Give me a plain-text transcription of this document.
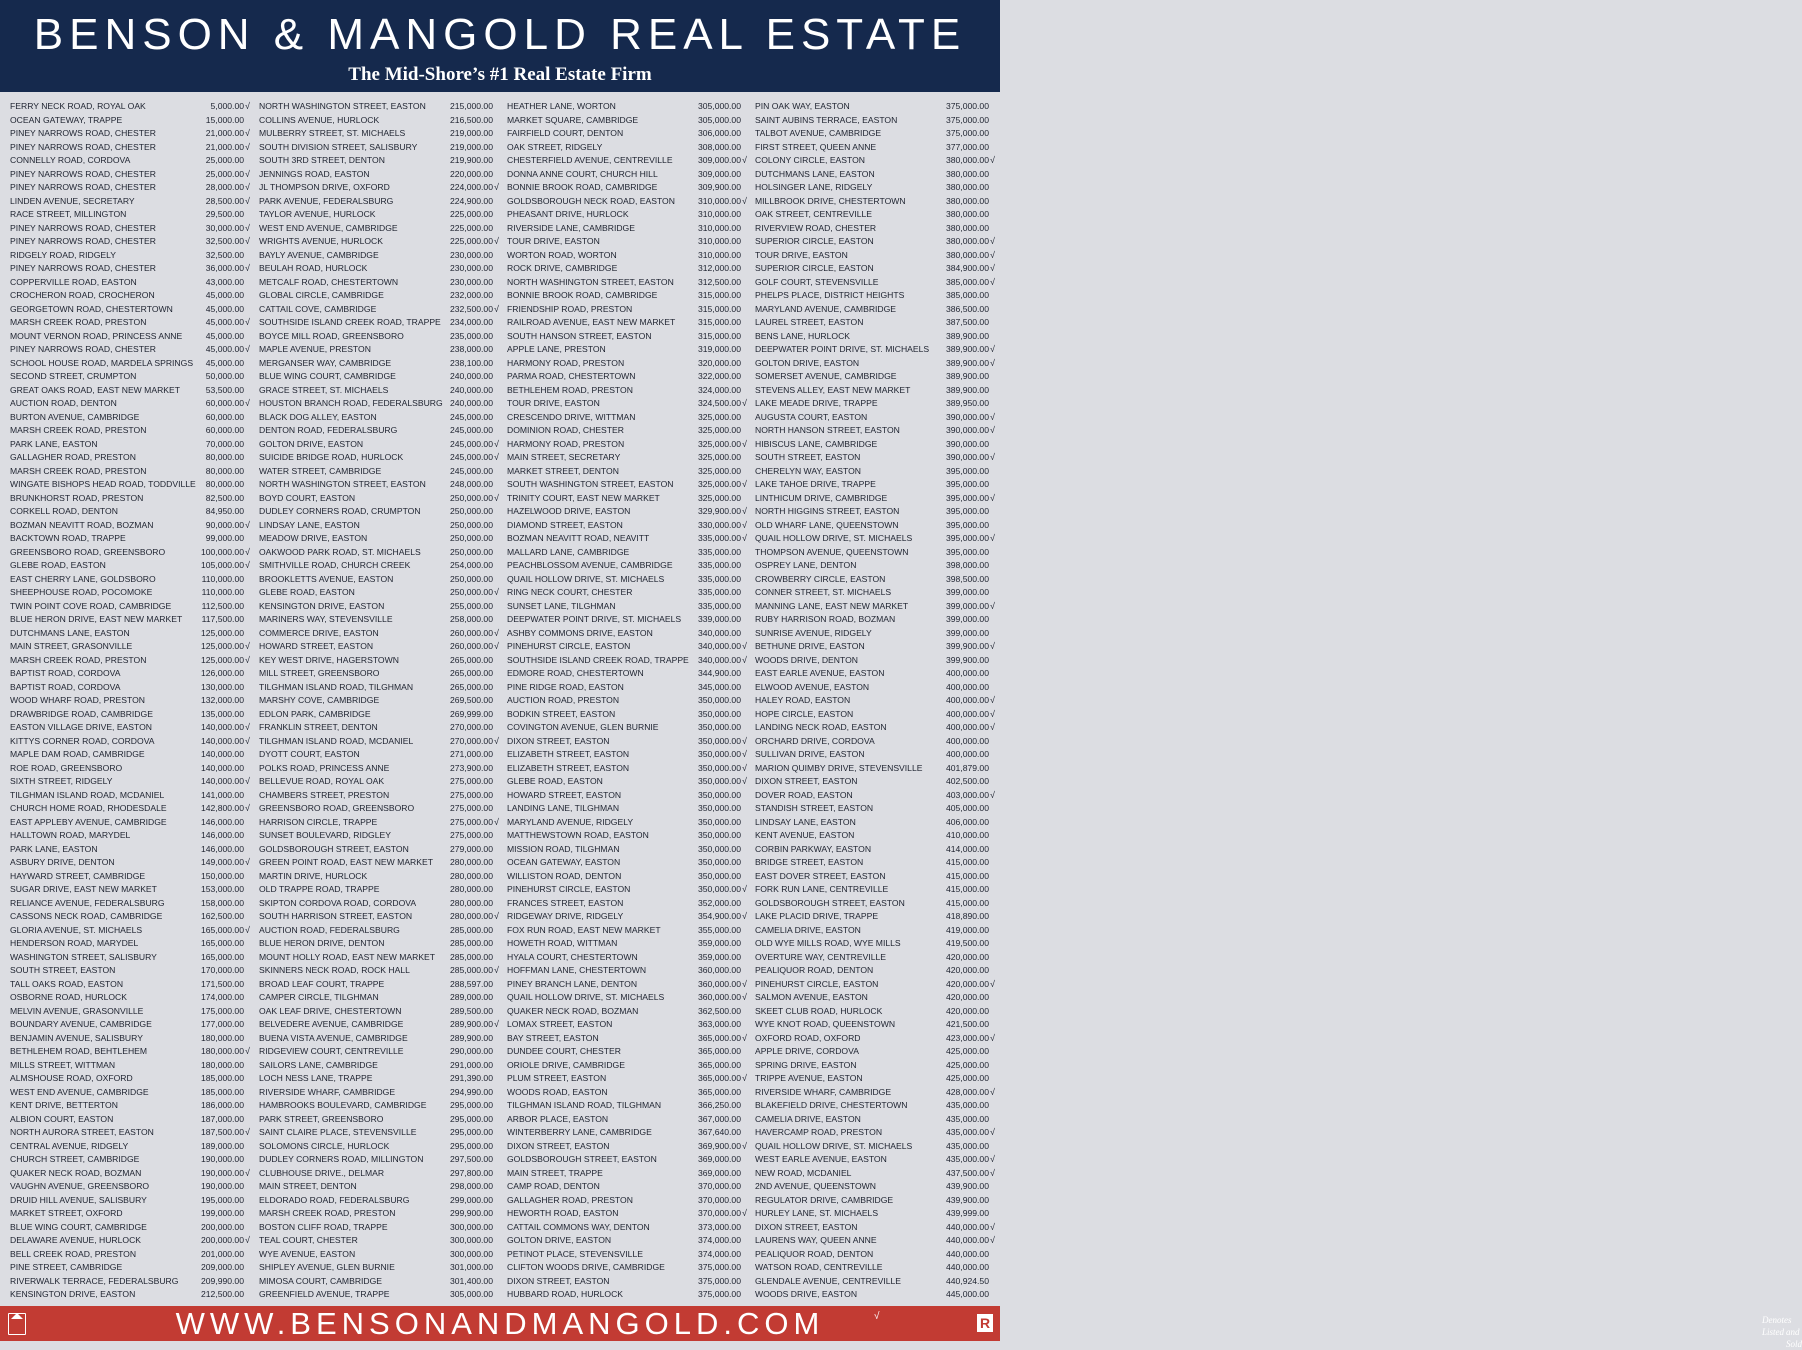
BENSON & MANGOLD REAL ESTATE
The Mid-Shore’s #1 Real Estate Firm
FERRY NECK ROAD, ROYAL OAK	5,000.00 √
OCEAN GATEWAY, TRAPPE	15,000.00
PINEY NARROWS ROAD, CHESTER	21,000.00 √
PINEY NARROWS ROAD, CHESTER	21,000.00 √
CONNELLY ROAD, CORDOVA	25,000.00
PINEY NARROWS ROAD, CHESTER	25,000.00 √
PINEY NARROWS ROAD, CHESTER	28,000.00 √
LINDEN AVENUE, SECRETARY	28,500.00 √
RACE STREET, MILLINGTON	29,500.00
PINEY NARROWS ROAD, CHESTER	30,000.00 √
PINEY NARROWS ROAD, CHESTER	32,500.00 √
RIDGELY ROAD, RIDGELY	32,500.00
PINEY NARROWS ROAD, CHESTER	36,000.00 √
COPPERVILLE ROAD, EASTON	43,000.00
CROCHERON ROAD, CROCHERON	45,000.00
GEORGETOWN ROAD, CHESTERTOWN	45,000.00
MARSH CREEK ROAD, PRESTON	45,000.00 √
MOUNT VERNON ROAD, PRINCESS ANNE	45,000.00
PINEY NARROWS ROAD, CHESTER	45,000.00 √
SCHOOL HOUSE ROAD, MARDELA SPRINGS 45,000.00
SECOND STREET, CRUMPTON	50,000.00
GREAT OAKS ROAD, EAST NEW MARKET	53,500.00
AUCTION ROAD, DENTON	60,000.00 √
BURTON AVENUE, CAMBRIDGE	60,000.00
MARSH CREEK ROAD, PRESTON	60,000.00
PARK LANE, EASTON	70,000.00
GALLAGHER ROAD, PRESTON	80,000.00
MARSH CREEK ROAD, PRESTON	80,000.00
WINGATE BISHOPS HEAD ROAD, TODDVILLE 80,000.00
BRUNKHORST ROAD, PRESTON	82,500.00
CORKELL ROAD, DENTON	84,950.00
BOZMAN NEAVITT ROAD, BOZMAN	90,000.00 √
BACKTOWN ROAD, TRAPPE	99,000.00
GREENSBORO ROAD, GREENSBORO	100,000.00 √
GLEBE ROAD, EASTON	105,000.00 √
EAST CHERRY LANE, GOLDSBORO	110,000.00
SHEEPHOUSE ROAD, POCOMOKE	110,000.00
TWIN POINT COVE ROAD, CAMBRIDGE	112,500.00
BLUE HERON DRIVE, EAST NEW MARKET 117,500.00
DUTCHMANS LANE, EASTON	125,000.00
MAIN STREET, GRASONVILLE	125,000.00 √
MARSH CREEK ROAD, PRESTON	125,000.00 √
BAPTIST ROAD, CORDOVA	126,000.00
BAPTIST ROAD, CORDOVA	130,000.00
WOOD WHARF ROAD, PRESTON	132,000.00
DRAWBRIDGE ROAD, CAMBRIDGE	135,000.00
EASTON VILLAGE DRIVE, EASTON	140,000.00 √
KITTYS CORNER ROAD, CORDOVA	140,000.00 √
MAPLE DAM ROAD, CAMBRIDGE	140,000.00
ROE ROAD, GREENSBORO	140,000.00
SIXTH STREET, RIDGELY	140,000.00 √
TILGHMAN ISLAND ROAD, MCDANIEL	141,000.00
CHURCH HOME ROAD, RHODESDALE	142,800.00 √
EAST APPLEBY AVENUE, CAMBRIDGE	146,000.00
HALLTOWN ROAD, MARYDEL	146,000.00
PARK LANE, EASTON	146,000.00
ASBURY DRIVE, DENTON	149,000.00 √
HAYWARD STREET, CAMBRIDGE	150,000.00
SUGAR DRIVE, EAST NEW MARKET	153,000.00
RELIANCE AVENUE, FEDERALSBURG	158,000.00
CASSONS NECK ROAD, CAMBRIDGE	162,500.00
GLORIA AVENUE, ST. MICHAELS	165,000.00 √
HENDERSON ROAD, MARYDEL	165,000.00
WASHINGTON STREET, SALISBURY	165,000.00
SOUTH STREET, EASTON	170,000.00
TALL OAKS ROAD, EASTON	171,500.00
OSBORNE ROAD, HURLOCK	174,000.00
MELVIN AVENUE, GRASONVILLE	175,000.00
BOUNDARY AVENUE, CAMBRIDGE	177,000.00
BENJAMIN AVENUE, SALISBURY	180,000.00
BETHLEHEM ROAD, BEHTLEHEM	180,000.00 √
MILLS STREET, WITTMAN	180,000.00
ALMSHOUSE ROAD, OXFORD	185,000.00
WEST END AVENUE, CAMBRIDGE	185,000.00
KENT DRIVE, BETTERTON	186,000.00
ALBION COURT, EASTON	187,000.00
NORTH AURORA STREET, EASTON	187,500.00 √
CENTRAL AVENUE, RIDGELY	189,000.00
CHURCH STREET, CAMBRIDGE	190,000.00
QUAKER NECK ROAD, BOZMAN	190,000.00 √
VAUGHN AVENUE, GREENSBORO	190,000.00
DRUID HILL AVENUE, SALISBURY	195,000.00
MARKET STREET, OXFORD	199,000.00
BLUE WING COURT, CAMBRIDGE	200,000.00
DELAWARE AVENUE, HURLOCK	200,000.00 √
BELL CREEK ROAD, PRESTON	201,000.00
PINE STREET, CAMBRIDGE	209,000.00
RIVERWALK TERRACE, FEDERALSBURG	209,990.00
KENSINGTON DRIVE, EASTON	212,500.00
NORTH WASHINGTON STREET, EASTON	215,000.00
COLLINS AVENUE, HURLOCK	216,500.00
MULBERRY STREET, ST. MICHAELS	219,000.00
SOUTH DIVISION STREET, SALISBURY	219,000.00
SOUTH 3RD STREET, DENTON	219,900.00
JENNINGS ROAD, EASTON	220,000.00
JL THOMPSON DRIVE, OXFORD	224,000.00 √
PARK AVENUE, FEDERALSBURG	224,900.00
TAYLOR AVENUE, HURLOCK	225,000.00
WEST END AVENUE, CAMBRIDGE	225,000.00
WRIGHTS AVENUE, HURLOCK	225,000.00 √
BAYLY AVENUE, CAMBRIDGE	230,000.00
BEULAH ROAD, HURLOCK	230,000.00
METCALF ROAD, CHESTERTOWN	230,000.00
GLOBAL CIRCLE, CAMBRIDGE	232,000.00
CATTAIL COVE, CAMBRIDGE	232,500.00 √
SOUTHSIDE ISLAND CREEK ROAD, TRAPPE 234,000.00
BOYCE MILL ROAD, GREENSBORO	235,000.00
MAPLE AVENUE, PRESTON	238,000.00
MERGANSER WAY, CAMBRIDGE	238,100.00
BLUE WING COURT, CAMBRIDGE	240,000.00
GRACE STREET, ST. MICHAELS	240,000.00
HOUSTON BRANCH ROAD, FEDERALSBURG 240,000.00
BLACK DOG ALLEY, EASTON	245,000.00
DENTON ROAD, FEDERALSBURG	245,000.00
GOLTON DRIVE, EASTON	245,000.00 √
SUICIDE BRIDGE ROAD, HURLOCK	245,000.00 √
WATER STREET, CAMBRIDGE	245,000.00
NORTH WASHINGTON STREET, EASTON	248,000.00
BOYD COURT, EASTON	250,000.00 √
DUDLEY CORNERS ROAD, CRUMPTON	250,000.00
LINDSAY LANE, EASTON	250,000.00
MEADOW DRIVE, EASTON	250,000.00
OAKWOOD PARK ROAD, ST. MICHAELS	250,000.00
SMITHVILLE ROAD, CHURCH CREEK	254,000.00
BROOKLETTS AVENUE, EASTON	250,000.00
GLEBE ROAD, EASTON	250,000.00 √
KENSINGTON DRIVE, EASTON	255,000.00
MARINERS WAY, STEVENSVILLE	258,000.00
COMMERCE DRIVE, EASTON	260,000.00 √
HOWARD STREET, EASTON	260,000.00 √
KEY WEST DRIVE, HAGERSTOWN	265,000.00
MILL STREET, GREENSBORO	265,000.00
TILGHMAN ISLAND ROAD, TILGHMAN	265,000.00
MARSHY COVE, CAMBRIDGE	269,500.00
EDLON PARK, CAMBRIDGE	269,999.00
FRANKLIN STREET, DENTON	270,000.00
TILGHMAN ISLAND ROAD, MCDANIEL	270,000.00 √
DYOTT COURT, EASTON	271,000.00
POLKS ROAD, PRINCESS ANNE	273,900.00
BELLEVUE ROAD, ROYAL OAK	275,000.00
CHAMBERS STREET, PRESTON	275,000.00
GREENSBORO ROAD, GREENSBORO	275,000.00
HARRISON CIRCLE, TRAPPE	275,000.00 √
SUNSET BOULEVARD, RIDGLEY	275,000.00
GOLDSBOROUGH STREET, EASTON	279,000.00
GREEN POINT ROAD, EAST NEW MARKET 280,000.00
MARTIN DRIVE, HURLOCK	280,000.00
OLD TRAPPE ROAD, TRAPPE	280,000.00
SKIPTON CORDOVA ROAD, CORDOVA	280,000.00
SOUTH HARRISON STREET, EASTON	280,000.00 √
AUCTION ROAD, FEDERALSBURG	285,000.00
BLUE HERON DRIVE, DENTON	285,000.00
MOUNT HOLLY ROAD, EAST NEW MARKET 285,000.00
SKINNERS NECK ROAD, ROCK HALL	285,000.00 √
BROAD LEAF COURT, TRAPPE	288,597.00
CAMPER CIRCLE, TILGHMAN	289,000.00
OAK LEAF DRIVE, CHESTERTOWN	289,500.00
BELVEDERE AVENUE, CAMBRIDGE	289,900.00 √
BUENA VISTA AVENUE, CAMBRIDGE	289,900.00
RIDGEVIEW COURT, CENTREVILLE	290,000.00
SAILORS LANE, CAMBRIDGE	291,000.00
LOCH NESS LANE, TRAPPE	291,390.00
RIVERSIDE WHARF, CAMBRIDGE	294,990.00
HAMBROOKS BOULEVARD, CAMBRIDGE	295,000.00
PARK STREET, GREENSBORO	295,000.00
SAINT CLAIRE PLACE, STEVENSVILLE	295,000.00
SOLOMONS CIRCLE, HURLOCK	295,000.00
DUDLEY CORNERS ROAD, MILLINGTON	297,500.00
CLUBHOUSE DRIVE., DELMAR	297,800.00
MAIN STREET, DENTON	298,000.00
ELDORADO ROAD, FEDERALSBURG	299,000.00
MARSH CREEK ROAD, PRESTON	299,900.00
BOSTON CLIFF ROAD, TRAPPE	300,000.00
TEAL COURT, CHESTER	300,000.00
WYE AVENUE, EASTON	300,000.00
SHIPLEY AVENUE, GLEN BURNIE	301,000.00
MIMOSA COURT, CAMBRIDGE	301,400.00
GREENFIELD AVENUE, TRAPPE	305,000.00
HEATHER LANE, WORTON	305,000.00
MARKET SQUARE, CAMBRIDGE	305,000.00
FAIRFIELD COURT, DENTON	306,000.00
OAK STREET, RIDGELY	308,000.00
CHESTERFIELD AVENUE, CENTREVILLE	309,000.00 √
DONNA ANNE COURT, CHURCH HILL	309,000.00
BONNIE BROOK ROAD, CAMBRIDGE	309,900.00
GOLDSBOROUGH NECK ROAD, EASTON	310,000.00 √
PHEASANT DRIVE, HURLOCK	310,000.00
RIVERSIDE LANE, CAMBRIDGE	310,000.00
TOUR DRIVE, EASTON	310,000.00
WORTON ROAD, WORTON	310,000.00
ROCK DRIVE, CAMBRIDGE	312,000.00
NORTH WASHINGTON STREET, EASTON	312,500.00
BONNIE BROOK ROAD, CAMBRIDGE	315,000.00
FRIENDSHIP ROAD, PRESTON	315,000.00
RAILROAD AVENUE, EAST NEW MARKET	315,000.00
SOUTH HANSON STREET, EASTON	315,000.00
APPLE LANE, PRESTON	319,000.00
HARMONY ROAD, PRESTON	320,000.00
PARMA ROAD, CHESTERTOWN	322,000.00
BETHLEHEM ROAD, PRESTON	324,000.00
TOUR DRIVE, EASTON	324,500.00 √
CRESCENDO DRIVE, WITTMAN	325,000.00
DOMINION ROAD, CHESTER	325,000.00
HARMONY ROAD, PRESTON	325,000.00 √
MAIN STREET, SECRETARY	325,000.00
MARKET STREET, DENTON	325,000.00
SOUTH WASHINGTON STREET, EASTON	325,000.00 √
TRINITY COURT, EAST NEW MARKET	325,000.00
HAZELWOOD DRIVE, EASTON	329,900.00 √
DIAMOND STREET, EASTON	330,000.00 √
BOZMAN NEAVITT ROAD, NEAVITT	335,000.00 √
MALLARD LANE, CAMBRIDGE	335,000.00
PEACHBLOSSOM AVENUE, CAMBRIDGE	335,000.00
QUAIL HOLLOW DRIVE, ST. MICHAELS	335,000.00
RING NECK COURT, CHESTER	335,000.00
SUNSET LANE, TILGHMAN	335,000.00
DEEPWATER POINT DRIVE, ST. MICHAELS 339,000.00
ASHBY COMMONS DRIVE, EASTON	340,000.00
PINEHURST CIRCLE, EASTON	340,000.00 √
SOUTHSIDE ISLAND CREEK ROAD, TRAPPE 340,000.00 √
EDMORE ROAD, CHESTERTOWN	344,900.00
PINE RIDGE ROAD, EASTON	345,000.00
AUCTION ROAD, PRESTON	350,000.00
BODKIN STREET, EASTON	350,000.00
COVINGTON AVENUE, GLEN BURNIE	350,000.00
DIXON STREET, EASTON	350,000.00 √
ELIZABETH STREET, EASTON	350,000.00 √
ELIZABETH STREET, EASTON	350,000.00 √
GLEBE ROAD, EASTON	350,000.00 √
HOWARD STREET, EASTON	350,000.00
LANDING LANE, TILGHMAN	350,000.00
MARYLAND AVENUE, RIDGELY	350,000.00
MATTHEWSTOWN ROAD, EASTON	350,000.00
MISSION ROAD, TILGHMAN	350,000.00
OCEAN GATEWAY, EASTON	350,000.00
WILLISTON ROAD, DENTON	350,000.00
PINEHURST CIRCLE, EASTON	350,000.00 √
FRANCES STREET, EASTON	352,000.00
RIDGEWAY DRIVE, RIDGELY	354,900.00 √
FOX RUN ROAD, EAST NEW MARKET	355,000.00
HOWETH ROAD, WITTMAN	359,000.00
HYALA COURT, CHESTERTOWN	359,000.00
HOFFMAN LANE, CHESTERTOWN	360,000.00
PINEY BRANCH LANE, DENTON	360,000.00 √
QUAIL HOLLOW DRIVE, ST. MICHAELS	360,000.00 √
QUAKER NECK ROAD, BOZMAN	362,500.00
LOMAX STREET, EASTON	363,000.00
BAY STREET, EASTON	365,000.00 √
DUNDEE COURT, CHESTER	365,000.00
ORIOLE DRIVE, CAMBRIDGE	365,000.00
PLUM STREET, EASTON	365,000.00 √
WOODS ROAD, EASTON	365,000.00
TILGHMAN ISLAND ROAD, TILGHMAN	366,250.00
ARBOR PLACE, EASTON	367,000.00
WINTERBERRY LANE, CAMBRIDGE	367,640.00
DIXON STREET, EASTON	369,900.00 √
GOLDSBOROUGH STREET, EASTON	369,000.00
MAIN STREET, TRAPPE	369,000.00
CAMP ROAD, DENTON	370,000.00
GALLAGHER ROAD, PRESTON	370,000.00
HEWORTH ROAD, EASTON	370,000.00 √
CATTAIL COMMONS WAY, DENTON	373,000.00
GOLTON DRIVE, EASTON	374,000.00
PETINOT PLACE, STEVENSVILLE	374,000.00
CLIFTON WOODS DRIVE, CAMBRIDGE	375,000.00
DIXON STREET, EASTON	375,000.00
HUBBARD ROAD, HURLOCK	375,000.00
PIN OAK WAY, EASTON	375,000.00
SAINT AUBINS TERRACE, EASTON	375,000.00
TALBOT AVENUE, CAMBRIDGE	375,000.00
FIRST STREET, QUEEN ANNE	377,000.00
COLONY CIRCLE, EASTON	380,000.00 √
DUTCHMANS LANE, EASTON	380,000.00
HOLSINGER LANE, RIDGELY	380,000.00
MILLBROOK DRIVE, CHESTERTOWN	380,000.00
OAK STREET, CENTREVILLE	380,000.00
RIVERVIEW ROAD, CHESTER	380,000.00
SUPERIOR CIRCLE, EASTON	380,000.00 √
TOUR DRIVE, EASTON	380,000.00 √
SUPERIOR CIRCLE, EASTON	384,900.00 √
GOLF COURT, STEVENSVILLE	385,000.00 √
PHELPS PLACE, DISTRICT HEIGHTS	385,000.00
MARYLAND AVENUE, CAMBRIDGE	386,500.00
LAUREL STREET, EASTON	387,500.00
BENS LANE, HURLOCK	389,900.00
DEEPWATER POINT DRIVE, ST. MICHAELS 389,900.00 √
GOLTON DRIVE, EASTON	389,900.00 √
SOMERSET AVENUE, CAMBRIDGE	389,900.00
STEVENS ALLEY, EAST NEW MARKET	389,900.00
LAKE MEADE DRIVE, TRAPPE	389,950.00
AUGUSTA COURT, EASTON	390,000.00 √
NORTH HANSON STREET, EASTON	390,000.00 √
HIBISCUS LANE, CAMBRIDGE	390,000.00
SOUTH STREET, EASTON	390,000.00 √
CHERELYN WAY, EASTON	395,000.00
LAKE TAHOE DRIVE, TRAPPE	395,000.00
LINTHICUM DRIVE, CAMBRIDGE	395,000.00 √
NORTH HIGGINS STREET, EASTON	395,000.00
OLD WHARF LANE, QUEENSTOWN	395,000.00
QUAIL HOLLOW DRIVE, ST. MICHAELS	395,000.00 √
THOMPSON AVENUE, QUEENSTOWN	395,000.00
OSPREY LANE, DENTON	398,000.00
CROWBERRY CIRCLE, EASTON	398,500.00
CONNER STREET, ST. MICHAELS	399,000.00
MANNING LANE, EAST NEW MARKET	399,000.00 √
RUBY HARRISON ROAD, BOZMAN	399,000.00
SUNRISE AVENUE, RIDGELY	399,000.00
BETHUNE DRIVE, EASTON	399,900.00 √
WOODS DRIVE, DENTON	399,900.00
EAST EARLE AVENUE, EASTON	400,000.00
ELWOOD AVENUE, EASTON	400,000.00
HALEY ROAD, EASTON	400,000.00 √
HOPE CIRCLE, EASTON	400,000.00 √
LANDING NECK ROAD, EASTON	400,000.00 √
ORCHARD DRIVE, CORDOVA	400,000.00
SULLIVAN DRIVE, EASTON	400,000.00
MARION QUIMBY DRIVE, STEVENSVILLE	401,879.00
DIXON STREET, EASTON	402,500.00
DOVER ROAD, EASTON	403,000.00 √
STANDISH STREET, EASTON	405,000.00
LINDSAY LANE, EASTON	406,000.00
KENT AVENUE, EASTON	410,000.00
CORBIN PARKWAY, EASTON	414,000.00
BRIDGE STREET, EASTON	415,000.00
EAST DOVER STREET, EASTON	415,000.00
FORK RUN LANE, CENTREVILLE	415,000.00
GOLDSBOROUGH STREET, EASTON	415,000.00
LAKE PLACID DRIVE, TRAPPE	418,890.00
CAMELIA DRIVE, EASTON	419,000.00
OLD WYE MILLS ROAD, WYE MILLS	419,500.00
OVERTURE WAY, CENTREVILLE	420,000.00
PEALIQUOR ROAD, DENTON	420,000.00
PINEHURST CIRCLE, EASTON	420,000.00 √
SALMON AVENUE, EASTON	420,000.00
SKEET CLUB ROAD, HURLOCK	420,000.00
WYE KNOT ROAD, QUEENSTOWN	421,500.00
OXFORD ROAD, OXFORD	423,000.00 √
APPLE DRIVE, CORDOVA	425,000.00
SPRING DRIVE, EASTON	425,000.00
TRIPPE AVENUE, EASTON	425,000.00
RIVERSIDE WHARF, CAMBRIDGE	428,000.00 √
BLAKEFIELD DRIVE, CHESTERTOWN	435,000.00
CAMELIA DRIVE, EASTON	435,000.00
HAVERCAMP ROAD, PRESTON	435,000.00 √
QUAIL HOLLOW DRIVE, ST. MICHAELS	435,000.00
WEST EARLE AVENUE, EASTON	435,000.00 √
NEW ROAD, MCDANIEL	437,500.00 √
2ND AVENUE, QUEENSTOWN	439,900.00
REGULATOR DRIVE, CAMBRIDGE	439,900.00
HURLEY LANE, ST. MICHAELS	439,999.00
DIXON STREET, EASTON	440,000.00 √
LAURENS WAY, QUEEN ANNE	440,000.00 √
PEALIQUOR ROAD, DENTON	440,000.00
WATSON ROAD, CENTREVILLE	440,000.00
GLENDALE AVENUE, CENTREVILLE	440,924.50
WOODS DRIVE, EASTON	445,000.00
WWW.BENSONANDMANGOLD.COM	√	Denotes Listed and Sold
R
